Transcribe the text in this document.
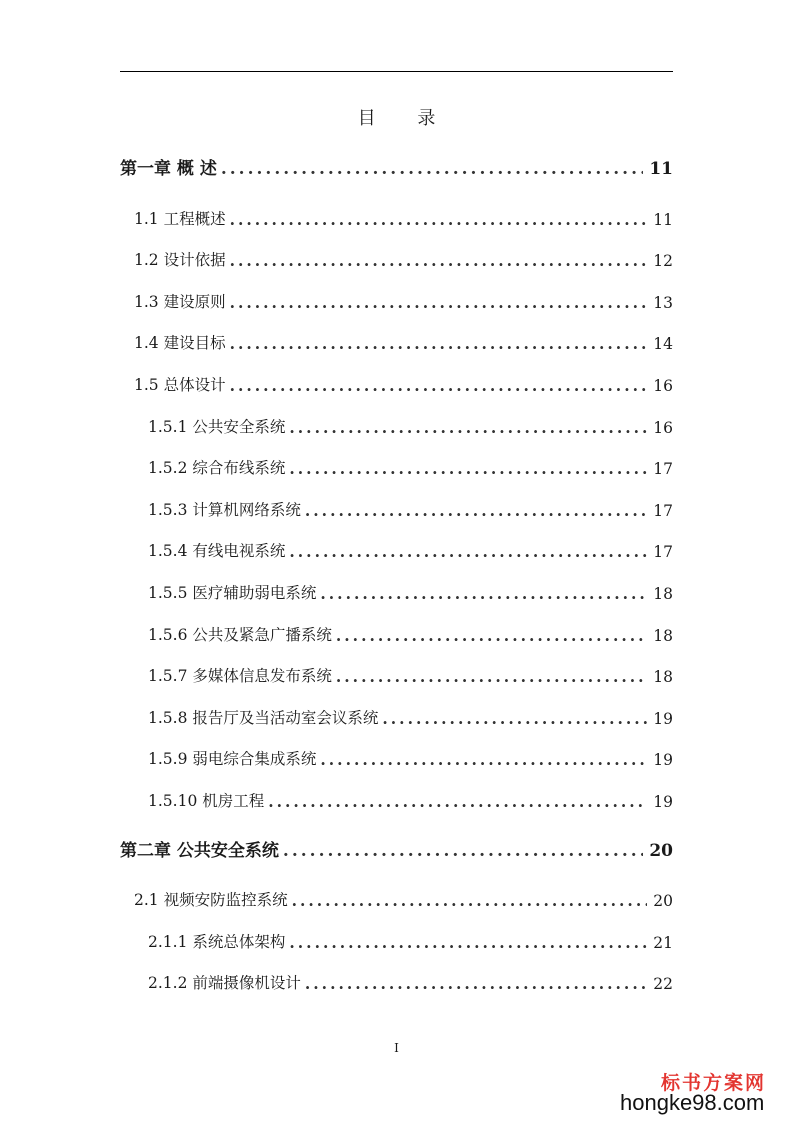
目 录
第一章 概 述 .....	11
1.1 工程概述 .....	11
1.2 设计依据 .....	12
1.3 建设原则 .....	13
1.4 建设目标 .....	14
1.5 总体设计 .....	16
1.5.1 公共安全系统 .....	16
1.5.2 综合布线系统 .....	17
1.5.3 计算机网络系统 .....	17
1.5.4 有线电视系统 .....	17
1.5.5 医疗辅助弱电系统 .....	18
1.5.6 公共及紧急广播系统 .....	18
1.5.7 多媒体信息发布系统 .....	18
1.5.8 报告厅及当活动室会议系统 .....	19
1.5.9 弱电综合集成系统 .....	19
1.5.10 机房工程 .....	19
第二章 公共安全系统 .....	20
2.1 视频安防监控系统 .....	20
2.1.1 系统总体架构 .....	21
2.1.2 前端摄像机设计 .....	22
I
标书方案网
hongke98.com
